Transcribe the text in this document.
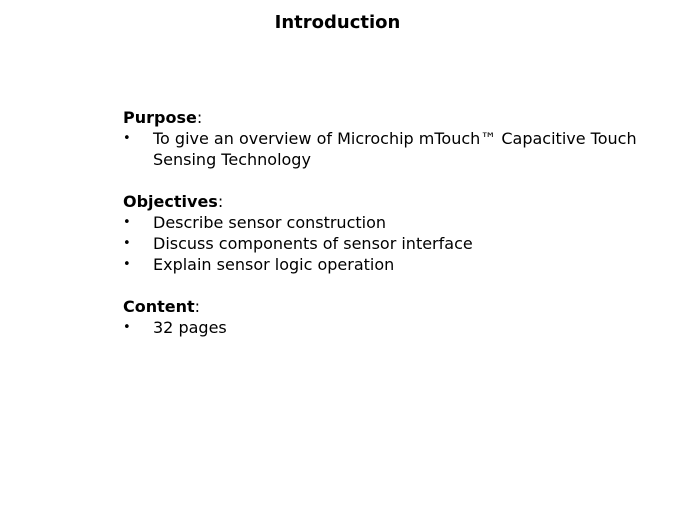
Introduction

Purpose:

•	To give an overview of Microchip mTouch™ Capacitive Touch Sensing Technology

Objectives:

•	Describe sensor construction
•	Discuss components of sensor interface
•	Explain sensor logic operation

Content:

•	32 pages
